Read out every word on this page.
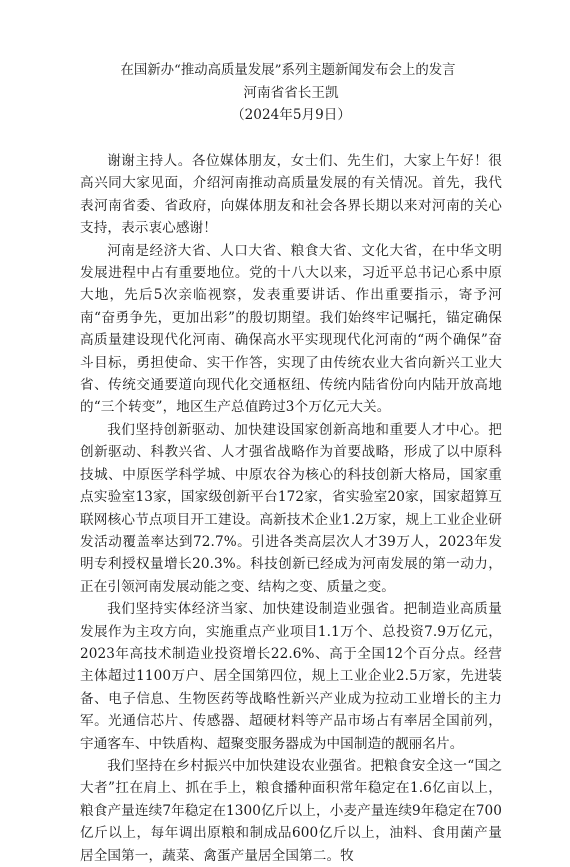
在国新办“推动高质量发展”系列主题新闻发布会上的发言
河南省省长王凯
（2024年5月9日）

谢谢主持人。各位媒体朋友，女士们、先生们，大家上午好！很高兴同大家见面，介绍河南推动高质量发展的有关情况。首先，我代表河南省委、省政府，向媒体朋友和社会各界长期以来对河南的关心支持，表示衷心感谢！

河南是经济大省、人口大省、粮食大省、文化大省，在中华文明发展进程中占有重要地位。党的十八大以来，习近平总书记心系中原大地，先后5次亲临视察，发表重要讲话、作出重要指示，寄予河南“奋勇争先，更加出彩”的殷切期望。我们始终牢记嘱托，锚定确保高质量建设现代化河南、确保高水平实现现代化河南的“两个确保”奋斗目标，勇担使命、实干作答，实现了由传统农业大省向新兴工业大省、传统交通要道向现代化交通枢纽、传统内陆省份向内陆开放高地的“三个转变”，地区生产总值跨过3个万亿元大关。

我们坚持创新驱动、加快建设国家创新高地和重要人才中心。把创新驱动、科教兴省、人才强省战略作为首要战略，形成了以中原科技城、中原医学科学城、中原农谷为核心的科技创新大格局，国家重点实验室13家，国家级创新平台172家，省实验室20家，国家超算互联网核心节点项目开工建设。高新技术企业1.2万家，规上工业企业研发活动覆盖率达到72.7%。引进各类高层次人才39万人，2023年发明专利授权量增长20.3%。科技创新已经成为河南发展的第一动力，正在引领河南发展动能之变、结构之变、质量之变。

我们坚持实体经济当家、加快建设制造业强省。把制造业高质量发展作为主攻方向，实施重点产业项目1.1万个、总投资7.9万亿元，2023年高技术制造业投资增长22.6%、高于全国12个百分点。经营主体超过1100万户、居全国第四位，规上工业企业2.5万家，先进装备、电子信息、生物医药等战略性新兴产业成为拉动工业增长的主力军。光通信芯片、传感器、超硬材料等产品市场占有率居全国前列，宇通客车、中铁盾构、超聚变服务器成为中国制造的靓丽名片。

我们坚持在乡村振兴中加快建设农业强省。把粮食安全这一“国之大者”扛在肩上、抓在手上，粮食播种面积常年稳定在1.6亿亩以上，粮食产量连续7年稳定在1300亿斤以上，小麦产量连续9年稳定在700亿斤以上，每年调出原粮和制成品600亿斤以上，油料、食用菌产量居全国第一，蔬菜、禽蛋产量居全国第二。牧
